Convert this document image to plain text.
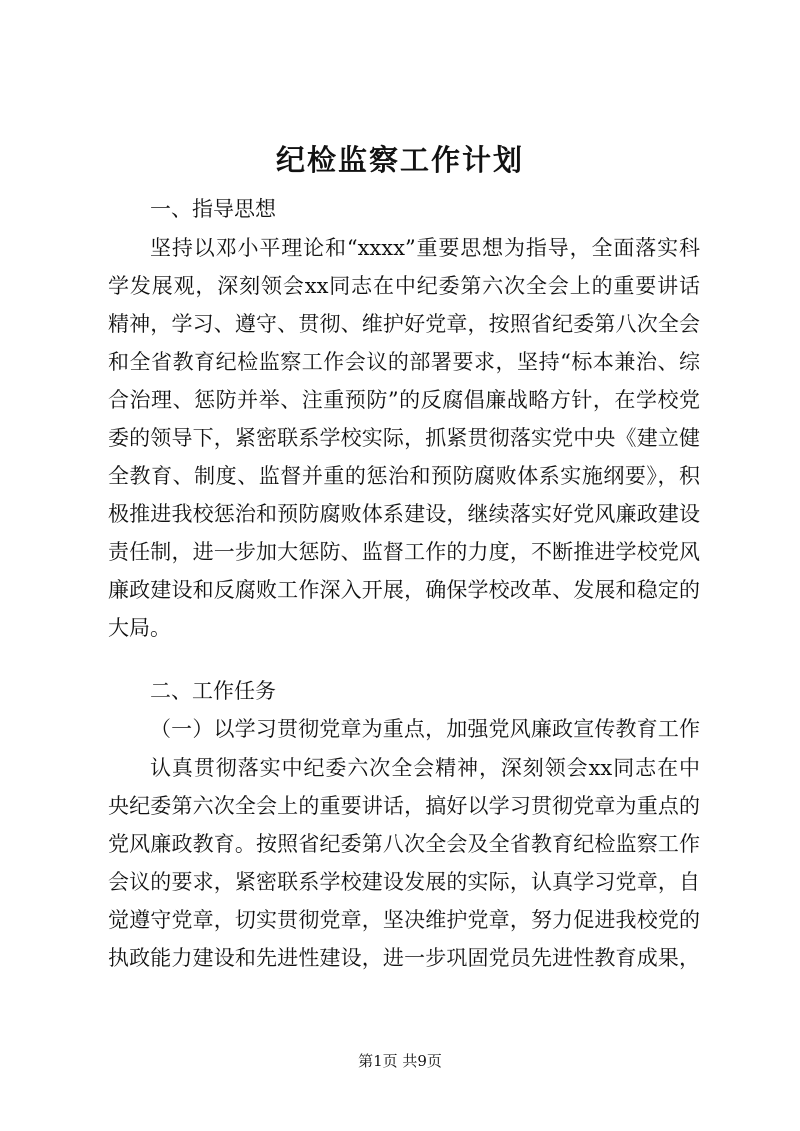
纪检监察工作计划
一、指导思想
坚持以邓小平理论和“xxxx”重要思想为指导，全面落实科
学发展观，深刻领会xx同志在中纪委第六次全会上的重要讲话
精神，学习、遵守、贯彻、维护好党章，按照省纪委第八次全会
和全省教育纪检监察工作会议的部署要求，坚持“标本兼治、综
合治理、惩防并举、注重预防”的反腐倡廉战略方针，在学校党
委的领导下，紧密联系学校实际，抓紧贯彻落实党中央《建立健
全教育、制度、监督并重的惩治和预防腐败体系实施纲要》，积
极推进我校惩治和预防腐败体系建设，继续落实好党风廉政建设
责任制，进一步加大惩防、监督工作的力度，不断推进学校党风
廉政建设和反腐败工作深入开展，确保学校改革、发展和稳定的
大局。
二、工作任务
（一）以学习贯彻党章为重点，加强党风廉政宣传教育工作
认真贯彻落实中纪委六次全会精神，深刻领会xx同志在中
央纪委第六次全会上的重要讲话，搞好以学习贯彻党章为重点的
党风廉政教育。按照省纪委第八次全会及全省教育纪检监察工作
会议的要求，紧密联系学校建设发展的实际，认真学习党章，自
觉遵守党章，切实贯彻党章，坚决维护党章，努力促进我校党的
执政能力建设和先进性建设，进一步巩固党员先进性教育成果，
第1页 共9页
